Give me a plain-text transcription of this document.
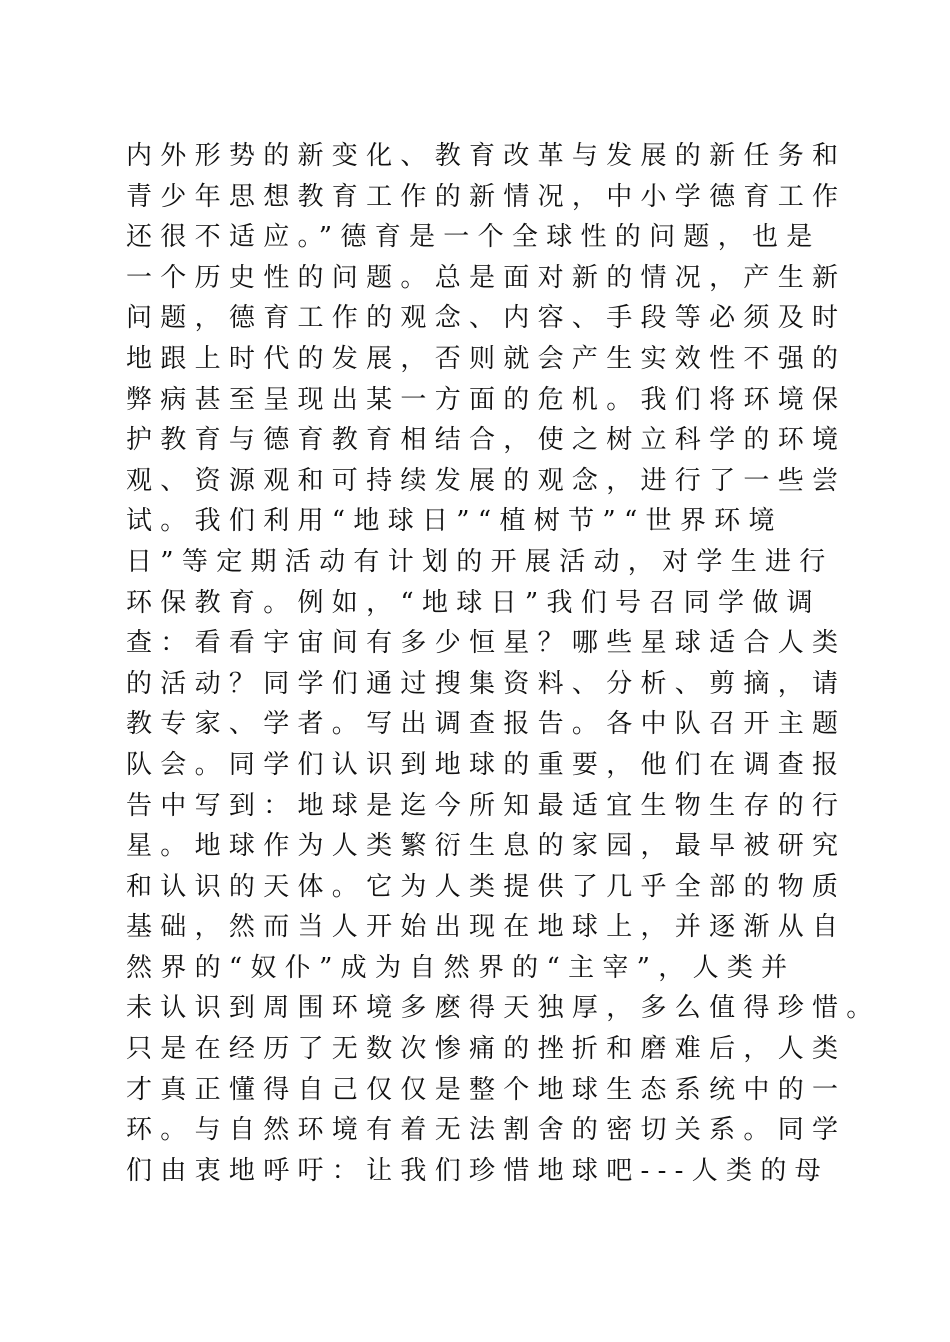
内外形势的新变化、教育改革与发展的新任务和
青少年思想教育工作的新情况，中小学德育工作
还很不适应。”德育是一个全球性的问题，也是
一个历史性的问题。总是面对新的情况，产生新
问题，德育工作的观念、内容、手段等必须及时
地跟上时代的发展，否则就会产生实效性不强的
弊病甚至呈现出某一方面的危机。我们将环境保
护教育与德育教育相结合，使之树立科学的环境
观、资源观和可持续发展的观念，进行了一些尝
试。我们利用“地球日”“植树节”“世界环境
日”等定期活动有计划的开展活动，对学生进行
环保教育。例如，“地球日”我们号召同学做调
查：看看宇宙间有多少恒星？哪些星球适合人类
的活动？同学们通过搜集资料、分析、剪摘，请
教专家、学者。写出调查报告。各中队召开主题
队会。同学们认识到地球的重要，他们在调查报
告中写到：地球是迄今所知最适宜生物生存的行
星。地球作为人类繁衍生息的家园，最早被研究
和认识的天体。它为人类提供了几乎全部的物质
基础，然而当人开始出现在地球上，并逐渐从自
然界的“奴仆”成为自然界的“主宰”，人类并
未认识到周围环境多麽得天独厚，多么值得珍惜。
只是在经历了无数次惨痛的挫折和磨难后，人类
才真正懂得自己仅仅是整个地球生态系统中的一
环。与自然环境有着无法割舍的密切关系。同学
们由衷地呼吁：让我们珍惜地球吧---人类的母
